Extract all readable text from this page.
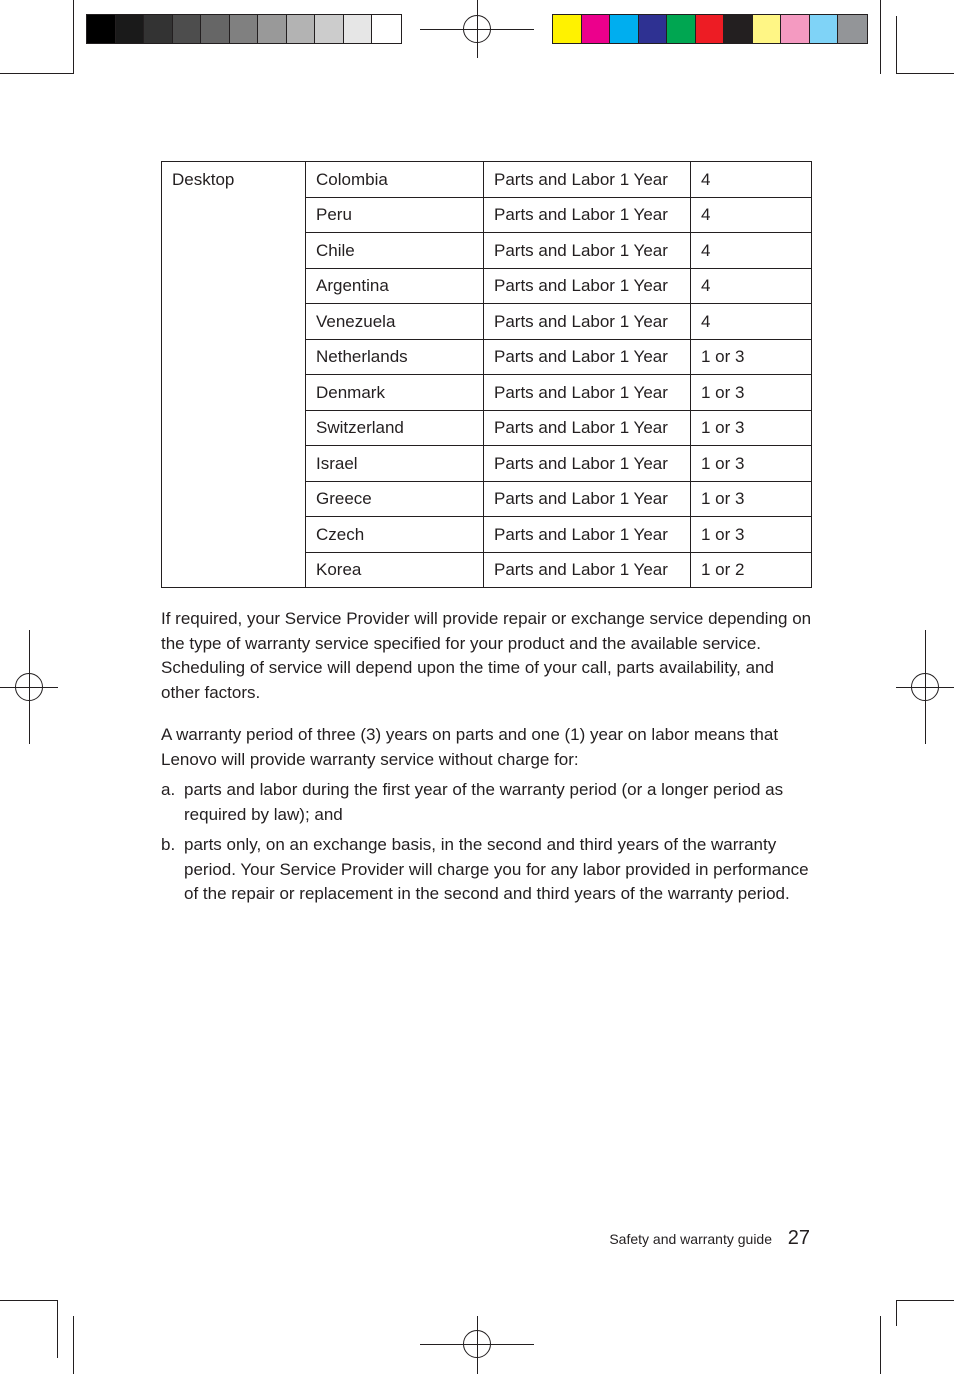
Desktop	Colombia	Parts and Labor 1 Year	4
	Peru	Parts and Labor 1 Year	4
	Chile	Parts and Labor 1 Year	4
	Argentina	Parts and Labor 1 Year	4
	Venezuela	Parts and Labor 1 Year	4
	Netherlands	Parts and Labor 1 Year	1 or 3
	Denmark	Parts and Labor 1 Year	1 or 3
	Switzerland	Parts and Labor 1 Year	1 or 3
	Israel	Parts and Labor 1 Year	1 or 3
	Greece	Parts and Labor 1 Year	1 or 3
	Czech	Parts and Labor 1 Year	1 or 3
	Korea	Parts and Labor 1 Year	1 or 2
If required, your Service Provider will provide repair or exchange service depending on the type of warranty service specified for your product and the available service. Scheduling of service will depend upon the time of your call, parts availability, and other factors.
A warranty period of three (3) years on parts and one (1) year on labor means that Lenovo will provide warranty service without charge for:
a. parts and labor during the first year of the warranty period (or a longer period as required by law); and
b. parts only, on an exchange basis, in the second and third years of the warranty period. Your Service Provider will charge you for any labor provided in performance of the repair or replacement in the second and third years of the warranty period.
Safety and warranty guide 27
